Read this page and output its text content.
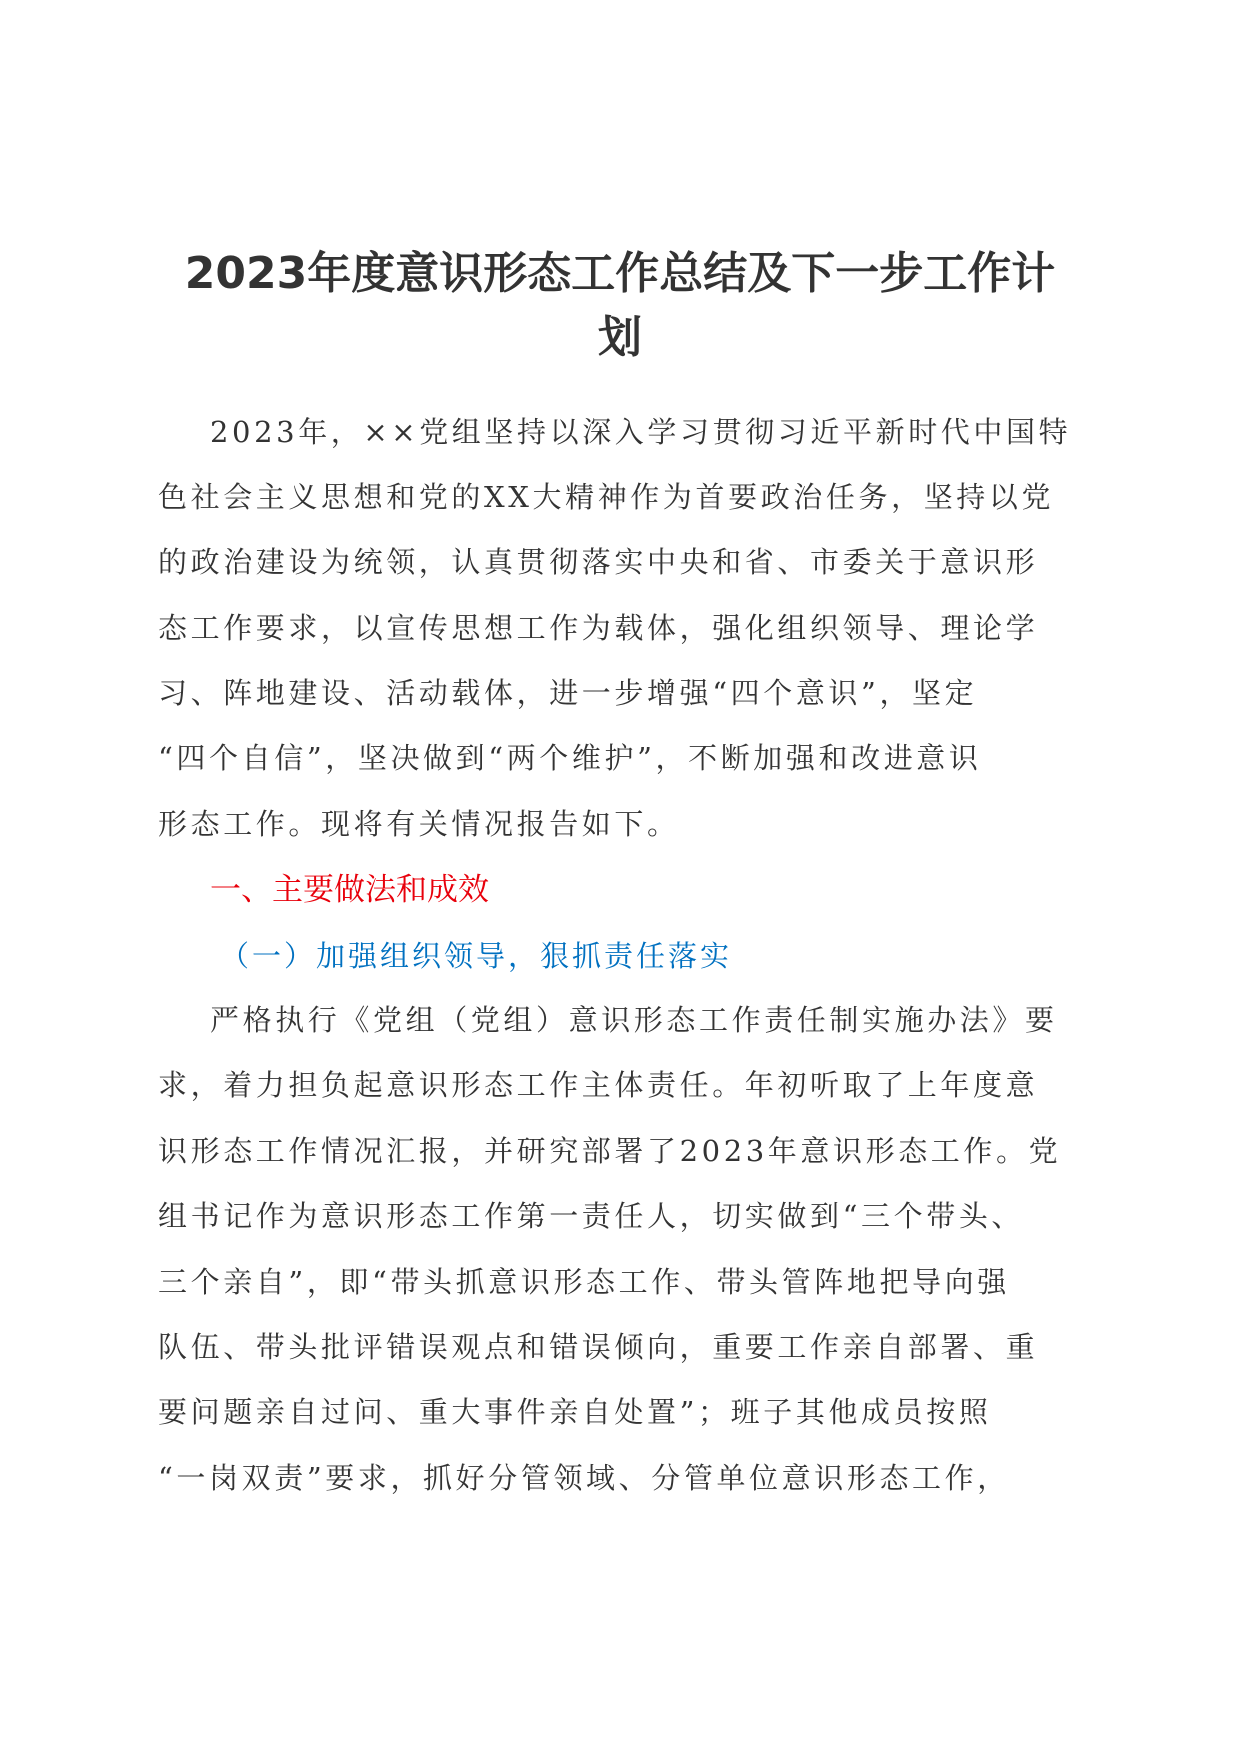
2023年度意识形态工作总结及下一步工作计
划
2023年，××党组坚持以深入学习贯彻习近平新时代中国特
色社会主义思想和党的XX大精神作为首要政治任务，坚持以党
的政治建设为统领，认真贯彻落实中央和省、市委关于意识形
态工作要求，以宣传思想工作为载体，强化组织领导、理论学
习、阵地建设、活动载体，进一步增强“四个意识”，坚定
“四个自信”，坚决做到“两个维护”，不断加强和改进意识
形态工作。现将有关情况报告如下。
一、主要做法和成效
（一）加强组织领导，狠抓责任落实
严格执行《党组（党组）意识形态工作责任制实施办法》要
求，着力担负起意识形态工作主体责任。年初听取了上年度意
识形态工作情况汇报，并研究部署了2023年意识形态工作。党
组书记作为意识形态工作第一责任人，切实做到“三个带头、
三个亲自”，即“带头抓意识形态工作、带头管阵地把导向强
队伍、带头批评错误观点和错误倾向，重要工作亲自部署、重
要问题亲自过问、重大事件亲自处置”；班子其他成员按照
“一岗双责”要求，抓好分管领域、分管单位意识形态工作，
